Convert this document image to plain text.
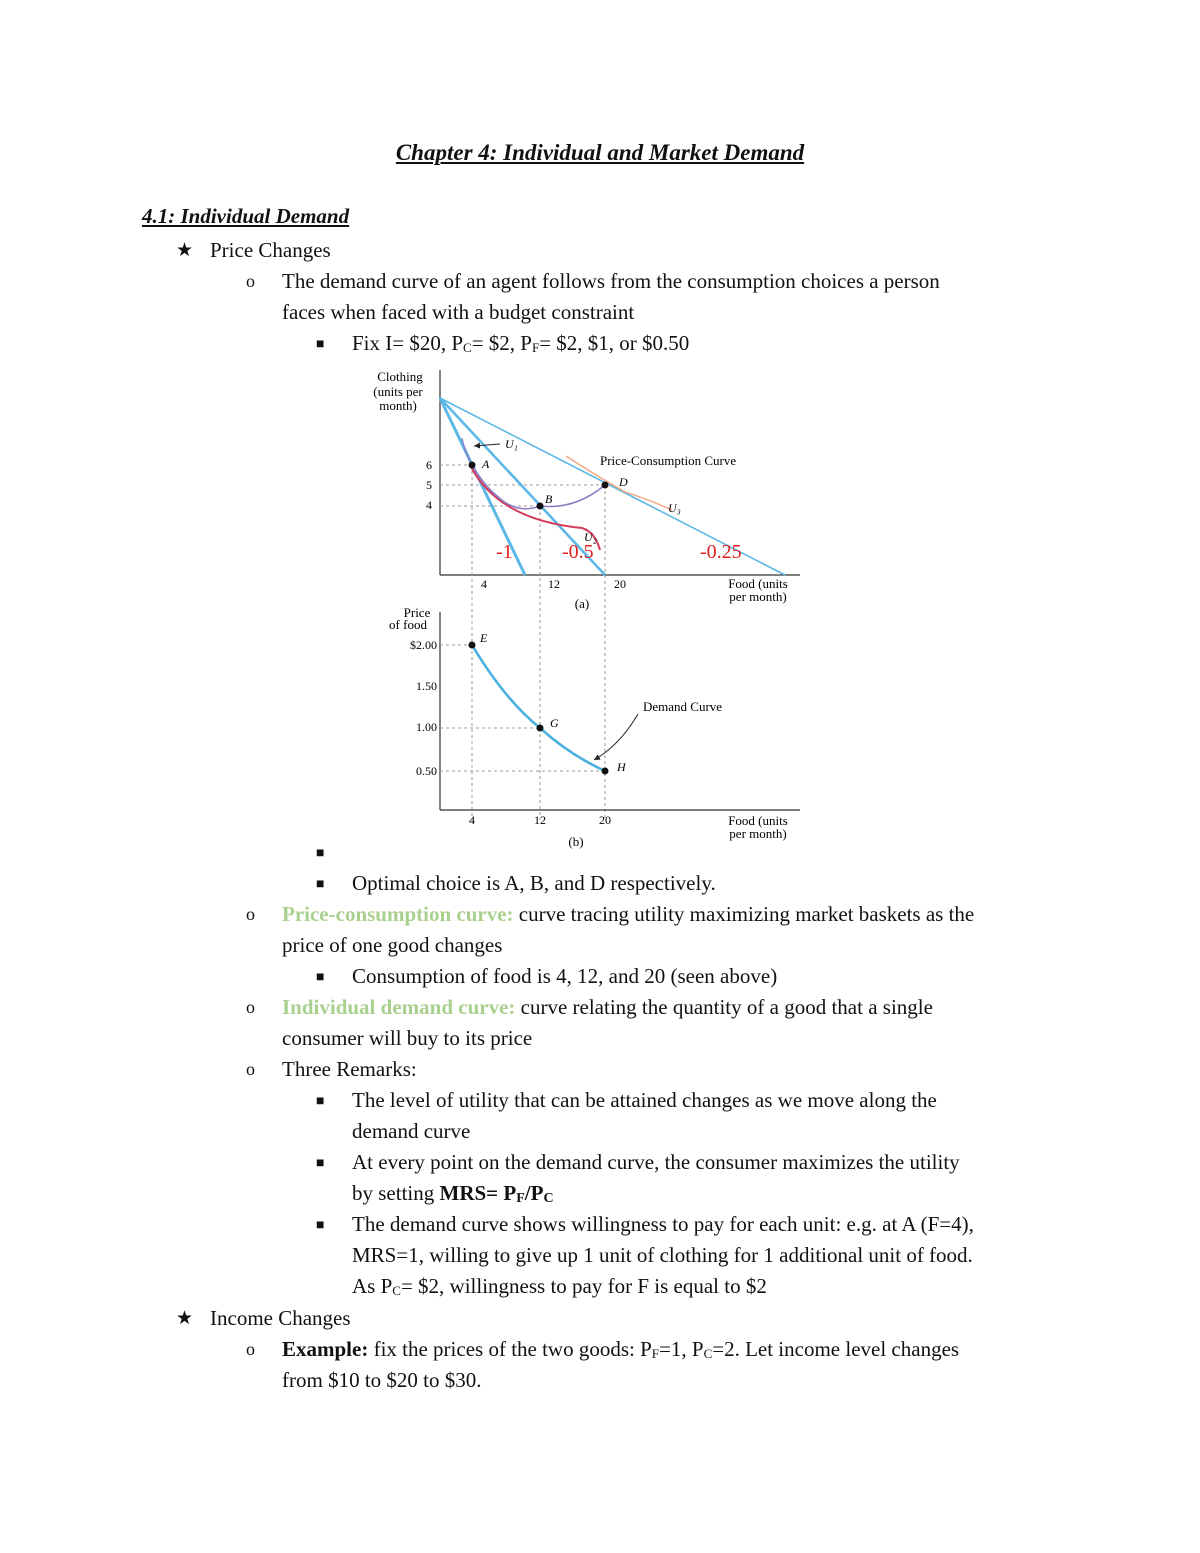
Chapter 4: Individual and Market Demand
4.1: Individual Demand
★ Price Changes
o The demand curve of an agent follows from the consumption choices a person
faces when faced with a budget constraint
■ Fix I= $20, PC= $2, PF= $2, $1, or $0.50
Clothing
(units per
month)
6
5
4
4	12	20
(a)
Food (units
per month)
A
B
D
U₁
U₂
U₃
Price-Consumption Curve
-1 -0.5	-0.25
Price
of food
$2.00
1.50
1.00
0.50
4	12	20
(b)
Food (units
per month)
E
G
H
Demand Curve
■
■ Optimal choice is A, B, and D respectively.
o Price-consumption curve: curve tracing utility maximizing market baskets as the
price of one good changes
■ Consumption of food is 4, 12, and 20 (seen above)
o Individual demand curve: curve relating the quantity of a good that a single
consumer will buy to its price
o Three Remarks:
■ The level of utility that can be attained changes as we move along the
demand curve
■ At every point on the demand curve, the consumer maximizes the utility
by setting MRS= PF/PC
■ The demand curve shows willingness to pay for each unit: e.g. at A (F=4),
MRS=1, willing to give up 1 unit of clothing for 1 additional unit of food.
As PC= $2, willingness to pay for F is equal to $2
★ Income Changes
o Example: fix the prices of the two goods: PF=1, PC=2. Let income level changes
from $10 to $20 to $30.
